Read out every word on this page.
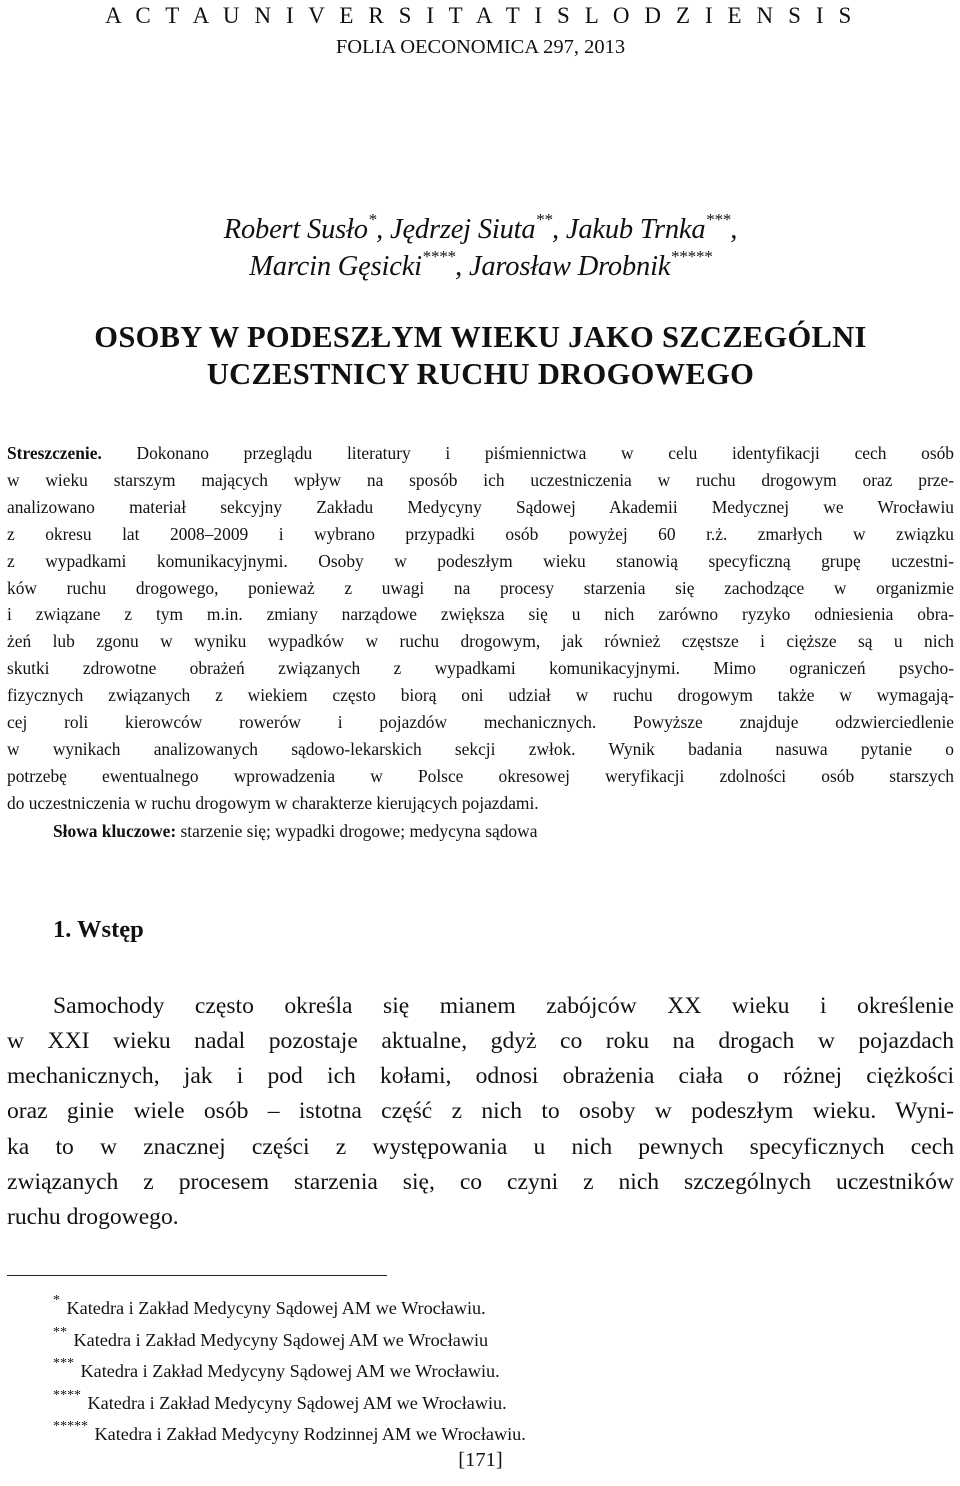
A C T A U N I V E R S I T A T I S L O D Z I E N S I S
FOLIA OECONOMICA 297, 2013
Robert Susło*, Jędrzej Siuta**, Jakub Trnka***,
Marcin Gęsicki****, Jarosław Drobnik*****
OSOBY W PODESZŁYM WIEKU JAKO SZCZEGÓLNI
UCZESTNICY RUCHU DROGOWEGO
Streszczenie. Dokonano przeglądu literatury i piśmiennictwa w celu identyfikacji cech osób
w wieku starszym mających wpływ na sposób ich uczestniczenia w ruchu drogowym oraz prze-
analizowano materiał sekcyjny Zakładu Medycyny Sądowej Akademii Medycznej we Wrocławiu
z okresu lat 2008–2009 i wybrano przypadki osób powyżej 60 r.ż. zmarłych w związku
z wypadkami komunikacyjnymi. Osoby w podeszłym wieku stanowią specyficzną grupę uczestni-
ków ruchu drogowego, ponieważ z uwagi na procesy starzenia się zachodzące w organizmie
i związane z tym m.in. zmiany narządowe zwiększa się u nich zarówno ryzyko odniesienia obra-
żeń lub zgonu w wyniku wypadków w ruchu drogowym, jak również częstsze i cięższe są u nich
skutki zdrowotne obrażeń związanych z wypadkami komunikacyjnymi. Mimo ograniczeń psycho-
fizycznych związanych z wiekiem często biorą oni udział w ruchu drogowym także w wymagają-
cej roli kierowców rowerów i pojazdów mechanicznych. Powyższe znajduje odzwierciedlenie
w wynikach analizowanych sądowo-lekarskich sekcji zwłok. Wynik badania nasuwa pytanie o
potrzebę ewentualnego wprowadzenia w Polsce okresowej weryfikacji zdolności osób starszych
do uczestniczenia w ruchu drogowym w charakterze kierujących pojazdami.
Słowa kluczowe: starzenie się; wypadki drogowe; medycyna sądowa
1. Wstęp
Samochody często określa się mianem zabójców XX wieku i określenie
w XXI wieku nadal pozostaje aktualne, gdyż co roku na drogach w pojazdach
mechanicznych, jak i pod ich kołami, odnosi obrażenia ciała o różnej ciężkości
oraz ginie wiele osób – istotna część z nich to osoby w podeszłym wieku. Wyni-
ka to w znacznej części z występowania u nich pewnych specyficznych cech
związanych z procesem starzenia się, co czyni z nich szczególnych uczestników
ruchu drogowego.
* Katedra i Zakład Medycyny Sądowej AM we Wrocławiu.
** Katedra i Zakład Medycyny Sądowej AM we Wrocławiu
*** Katedra i Zakład Medycyny Sądowej AM we Wrocławiu.
**** Katedra i Zakład Medycyny Sądowej AM we Wrocławiu.
***** Katedra i Zakład Medycyny Rodzinnej AM we Wrocławiu.
[171]
